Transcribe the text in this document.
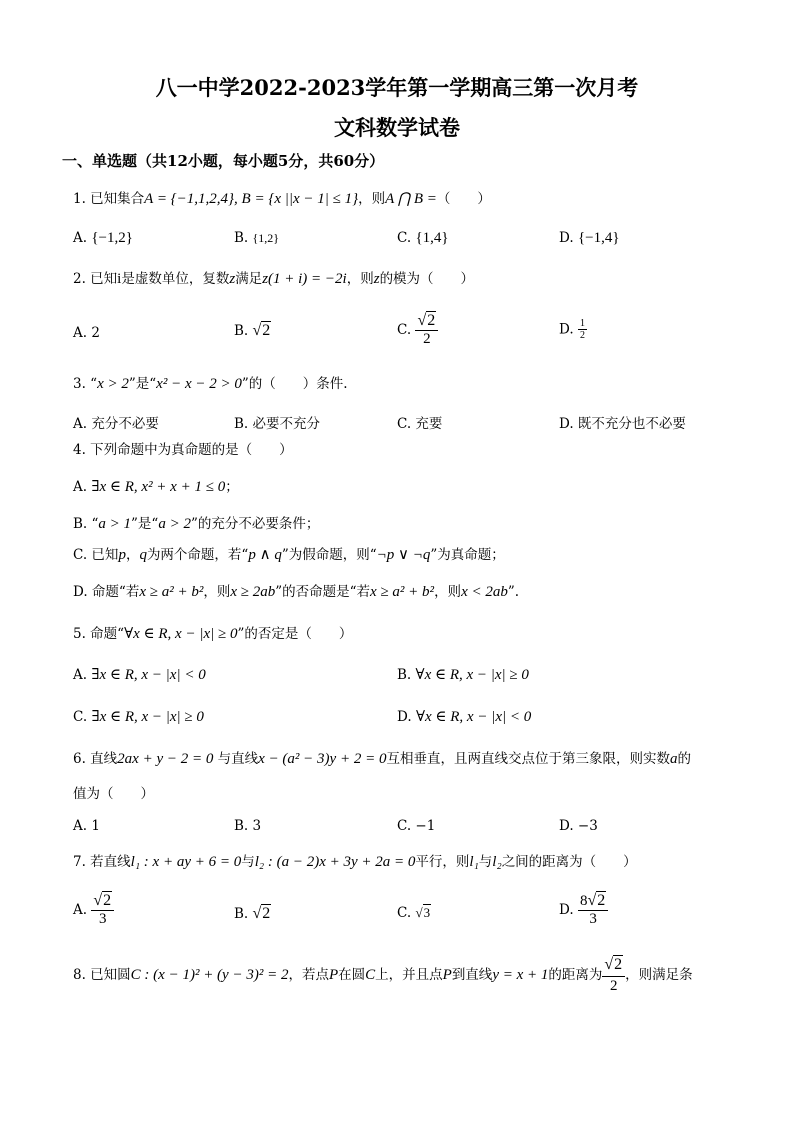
八一中学2022-2023学年第一学期高三第一次月考
文科数学试卷
一、单选题（共12小题，每小题5分，共60分）
1. 已知集合A = {−1,1,2,4}, B = {x ||x − 1| ≤ 1}，则A ⋂ B =（　　）
A. {−1,2}	B. {1,2}	C. {1,4}	D. {−1,4}
2. 已知i是虚数单位，复数z满足z(1 + i) = −2i，则z的模为（　　）
A. 2	B. √2	C. $\frac{√2}{2}$	D. $\frac{1}{2}$
3. “x > 2”是“x² − x − 2 > 0”的（　　）条件.
A. 充分不必要	B. 必要不充分	C. 充要	D. 既不充分也不必要
4. 下列命题中为真命题的是（　　）
A. ∃x ∈ R, x² + x + 1 ≤ 0；
B. “a > 1”是“a > 2”的充分不必要条件；
C. 已知p，q为两个命题，若“p ∧ q”为假命题，则“¬p ∨ ¬q”为真命题；
D. 命题“若x ≥ a² + b²，则x ≥ 2ab”的否命题是“若x ≥ a² + b²，则x < 2ab”.
5. 命题“∀x ∈ R, x − |x| ≥ 0”的否定是（　　）
A. ∃x ∈ R, x − |x| < 0	B. ∀x ∈ R, x − |x| ≥ 0
C. ∃x ∈ R, x − |x| ≥ 0	D. ∀x ∈ R, x − |x| < 0
6. 直线2ax + y − 2 = 0 与直线x − (a² − 3)y + 2 = 0互相垂直，且两直线交点位于第三象限，则实数a的
值为（　　）
A. 1	B. 3	C. −1	D. −3
7. 若直线l₁ : x + ay + 6 = 0与l₂ : (a − 2)x + 3y + 2a = 0平行，则l₁与l₂之间的距离为（　　）
A. $\frac{√2}{3}$	B. √2	C. √3	D. $\frac{8√2}{3}$
8. 已知圆C : (x − 1)² + (y − 3)² = 2，若点P在圆C上，并且点P到直线y = x + 1的距离为 $\frac{√2}{2}$ ，则满足条
